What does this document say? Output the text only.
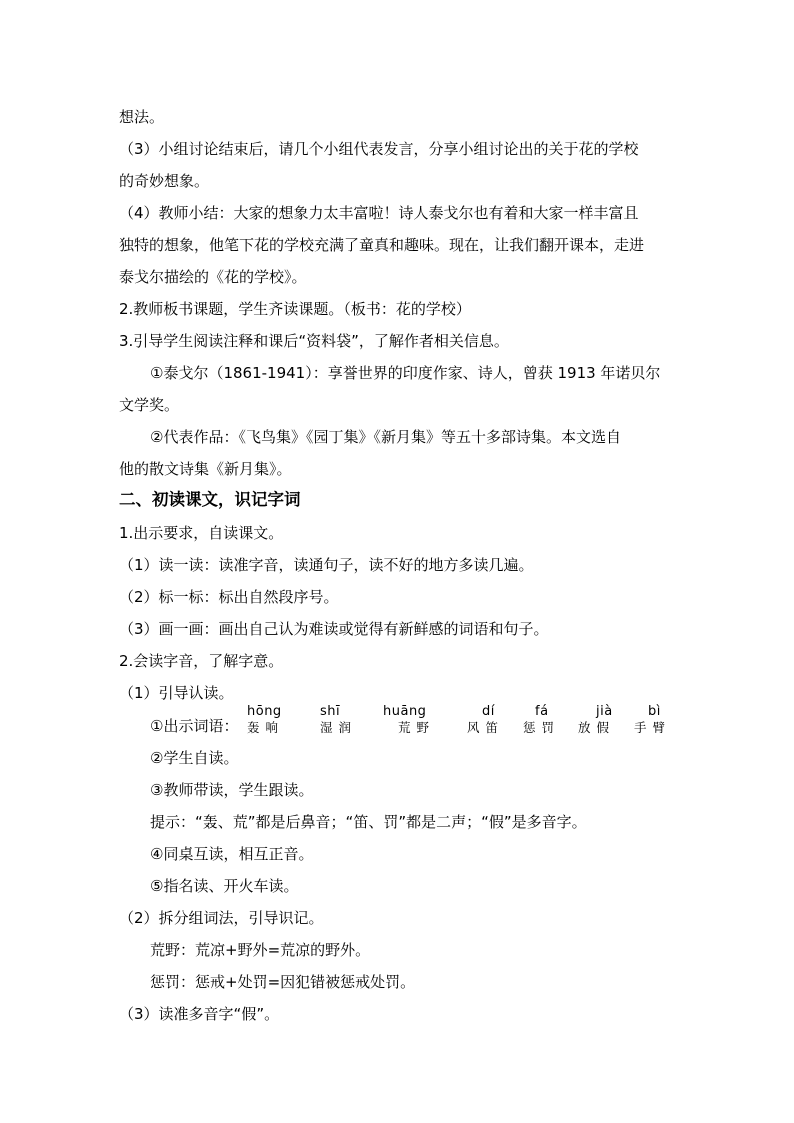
想法。
（3）小组讨论结束后，请几个小组代表发言，分享小组讨论出的关于花的学校
的奇妙想象。
（4）教师小结：大家的想象力太丰富啦！诗人泰戈尔也有着和大家一样丰富且
独特的想象，他笔下花的学校充满了童真和趣味。现在，让我们翻开课本，走进
泰戈尔描绘的《花的学校》。
2.教师板书课题，学生齐读课题。（板书：花的学校）
3.引导学生阅读注释和课后“资料袋”，了解作者相关信息。
①泰戈尔（1861-1941）：享誉世界的印度作家、诗人，曾获 1913 年诺贝尔
文学奖。
②代表作品：《飞鸟集》《园丁集》《新月集》等五十多部诗集。本文选自
他的散文诗集《新月集》。
二、初读课文，识记字词
1.出示要求，自读课文。
（1）读一读：读准字音，读通句子，读不好的地方多读几遍。
（2）标一标：标出自然段序号。
（3）画一画：画出自己认为难读或觉得有新鲜感的词语和句子。
2.会读字音，了解字意。
（1）引导认读。
①出示词语：
hōng
轰响
shī
湿润
huāng
荒野
dí
风笛
fá
惩罚
jià
放假
bì
手臂
②学生自读。
③教师带读，学生跟读。
提示：“轰、荒”都是后鼻音；“笛、罚”都是二声；“假”是多音字。
④同桌互读，相互正音。
⑤指名读、开火车读。
（2）拆分组词法，引导识记。
荒野：荒凉+野外=荒凉的野外。
惩罚：惩戒+处罚=因犯错被惩戒处罚。
（3）读准多音字“假”。
